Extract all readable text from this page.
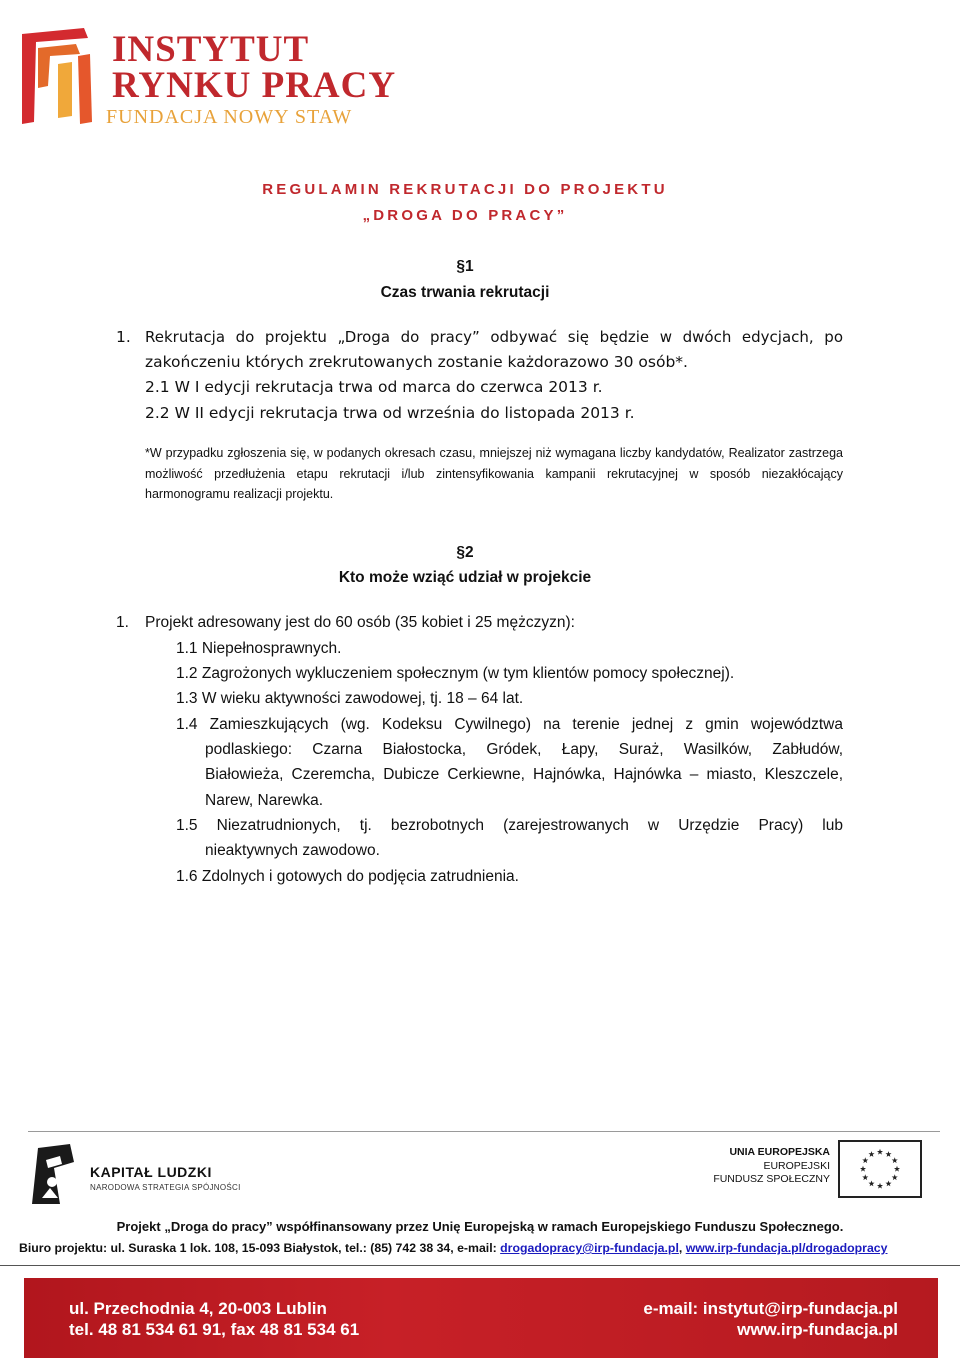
INSTYTUT
RYNKU PRACY
FUNDACJA NOWY STAW
REGULAMIN REKRUTACJI DO PROJEKTU
„DROGA DO PRACY”
§1
Czas trwania rekrutacji
1. Rekrutacja do projektu „Droga do pracy” odbywać się będzie w dwóch edycjach, po
zakończeniu których zrekrutowanych zostanie każdorazowo 30 osób*.
2.1 W I edycji rekrutacja trwa od marca do czerwca 2013 r.
2.2 W II edycji rekrutacja trwa od września do listopada 2013 r.
*W przypadku zgłoszenia się, w podanych okresach czasu, mniejszej niż wymagana liczby kandydatów, Realizator zastrzega możliwość przedłużenia etapu rekrutacji i/lub zintensyfikowania kampanii rekrutacyjnej w sposób niezakłócający harmonogramu realizacji projektu.
§2
Kto może wziąć udział w projekcie
1. Projekt adresowany jest do 60 osób (35 kobiet i 25 mężczyzn):
1.1 Niepełnosprawnych.
1.2 Zagrożonych wykluczeniem społecznym (w tym klientów pomocy społecznej).
1.3 W wieku aktywności zawodowej, tj. 18 – 64 lat.
1.4 Zamieszkujących (wg. Kodeksu Cywilnego) na terenie jednej z gmin województwa
podlaskiego: Czarna Białostocka, Gródek, Łapy, Suraż, Wasilków, Zabłudów,
Białowieża, Czeremcha, Dubicze Cerkiewne, Hajnówka, Hajnówka – miasto, Kleszczele,
Narew, Narewka.
1.5 Niezatrudnionych, tj. bezrobotnych (zarejestrowanych w Urzędzie Pracy) lub
nieaktywnych zawodowo.
1.6 Zdolnych i gotowych do podjęcia zatrudnienia.
KAPITAŁ LUDZKI
NARODOWA STRATEGIA SPÓJNOŚCI
UNIA EUROPEJSKA
EUROPEJSKI
FUNDUSZ SPOŁECZNY
Projekt „Droga do pracy” współfinansowany przez Unię Europejską w ramach Europejskiego Funduszu Społecznego.
Biuro projektu: ul. Suraska 1 lok. 108, 15-093 Białystok, tel.: (85) 742 38 34, e-mail: drogadopracy@irp-fundacja.pl, www.irp-fundacja.pl/drogadopracy
ul. Przechodnia 4, 20-003 Lublin
tel. 48 81 534 61 91, fax 48 81 534 61
e-mail: instytut@irp-fundacja.pl
www.irp-fundacja.pl
